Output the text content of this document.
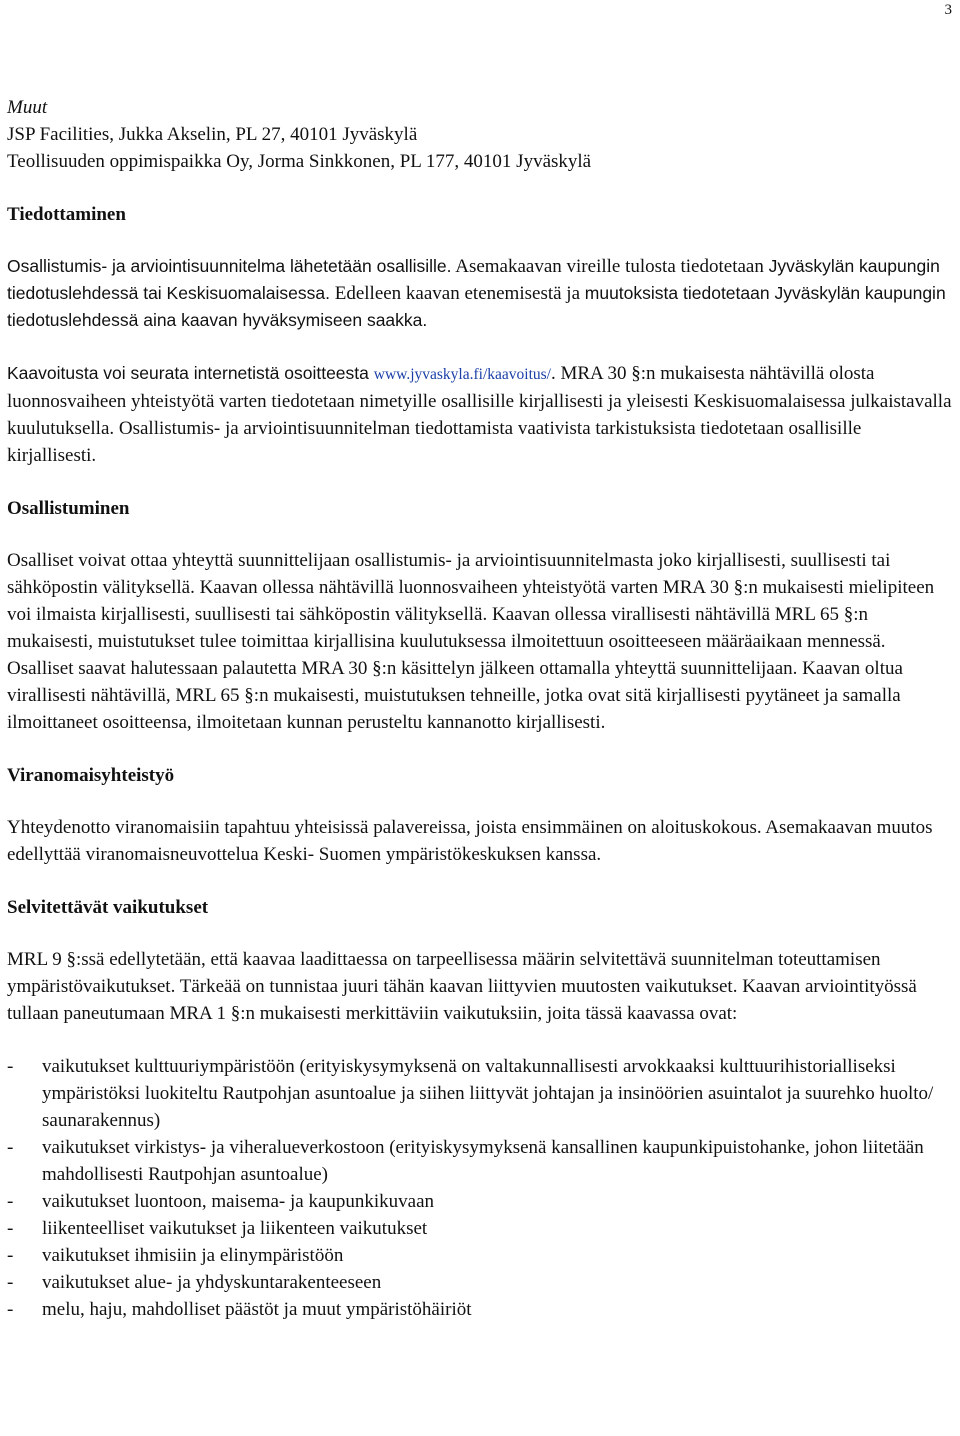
3

Muut

JSP Facilities, Jukka Akselin, PL 27, 40101 Jyväskylä

Teollisuuden oppimispaikka Oy, Jorma Sinkkonen, PL 177, 40101 Jyväskylä

Tiedottaminen

Osallistumis- ja arviointisuunnitelma lähetetään osallisille. Asemakaavan vireille tulosta tiedotetaan Jyväskylän kaupungin tiedotuslehdessä tai Keskisuomalaisessa. Edelleen kaavan etenemisestä ja muutoksista tiedotetaan Jyväskylän kaupungin tiedotuslehdessä aina kaavan hyväksymiseen saakka.

Kaavoitusta voi seurata internetistä osoitteesta www.jyvaskyla.fi/kaavoitus/. MRA 30 §:n mukaisesta nähtävillä olosta luonnosvaiheen yhteistyötä varten tiedotetaan nimetyille osallisille kirjallisesti ja yleisesti Keskisuomalaisessa julkaistavalla kuulutuksella. Osallistumis- ja arviointisuunnitelman tiedottamista vaativista tarkistuksista tiedotetaan osallisille kirjallisesti.

Osallistuminen

Osalliset voivat ottaa yhteyttä suunnittelijaan osallistumis- ja arviointisuunnitelmasta joko kirjallisesti, suullisesti tai sähköpostin välityksellä. Kaavan ollessa nähtävillä luonnosvaiheen yhteistyötä varten MRA 30 §:n mukaisesti mielipiteen voi ilmaista kirjallisesti, suullisesti tai sähköpostin välityksellä. Kaavan ollessa virallisesti nähtävillä MRL 65 §:n mukaisesti, muistutukset tulee toimittaa kirjallisina kuulutuksessa ilmoitettuun osoitteeseen määräaikaan mennessä. Osalliset saavat halutessaan palautetta MRA 30 §:n käsittelyn jälkeen ottamalla yhteyttä suunnittelijaan. Kaavan oltua virallisesti nähtävillä, MRL 65 §:n mukaisesti, muistutuksen tehneille, jotka ovat sitä kirjallisesti pyytäneet ja samalla ilmoittaneet osoitteensa, ilmoitetaan kunnan perusteltu kannanotto kirjallisesti.

Viranomaisyhteistyö

Yhteydenotto viranomaisiin tapahtuu yhteisissä palavereissa, joista ensimmäinen on aloituskokous. Asemakaavan muutos edellyttää viranomaisneuvottelua Keski- Suomen ympäristökeskuksen kanssa.

Selvitettävät vaikutukset

MRL 9 §:ssä edellytetään, että kaavaa laadittaessa on tarpeellisessa määrin selvitettävä suunnitelman toteuttamisen ympäristövaikutukset. Tärkeää on tunnistaa juuri tähän kaavan liittyvien muutosten vaikutukset. Kaavan arviointityössä tullaan paneutumaan MRA 1 §:n mukaisesti merkittäviin vaikutuksiin, joita tässä kaavassa ovat:

- vaikutukset kulttuuriympäristöön (erityiskysymyksenä on valtakunnallisesti arvokkaaksi kulttuurihistorialliseksi ympäristöksi luokiteltu Rautpohjan asuntoalue ja siihen liittyvät johtajan ja insinöörien asuintalot ja suurehko huolto/ saunarakennus)
- vaikutukset virkistys- ja viheralueverkostoon (erityiskysymyksenä kansallinen kaupunkipuistohanke, johon liitetään mahdollisesti Rautpohjan asuntoalue)
- vaikutukset luontoon, maisema- ja kaupunkikuvaan
- liikenteelliset vaikutukset ja liikenteen vaikutukset
- vaikutukset ihmisiin ja elinympäristöön
- vaikutukset alue- ja yhdyskuntarakenteeseen
- melu, haju, mahdolliset päästöt ja muut ympäristöhäiriöt
